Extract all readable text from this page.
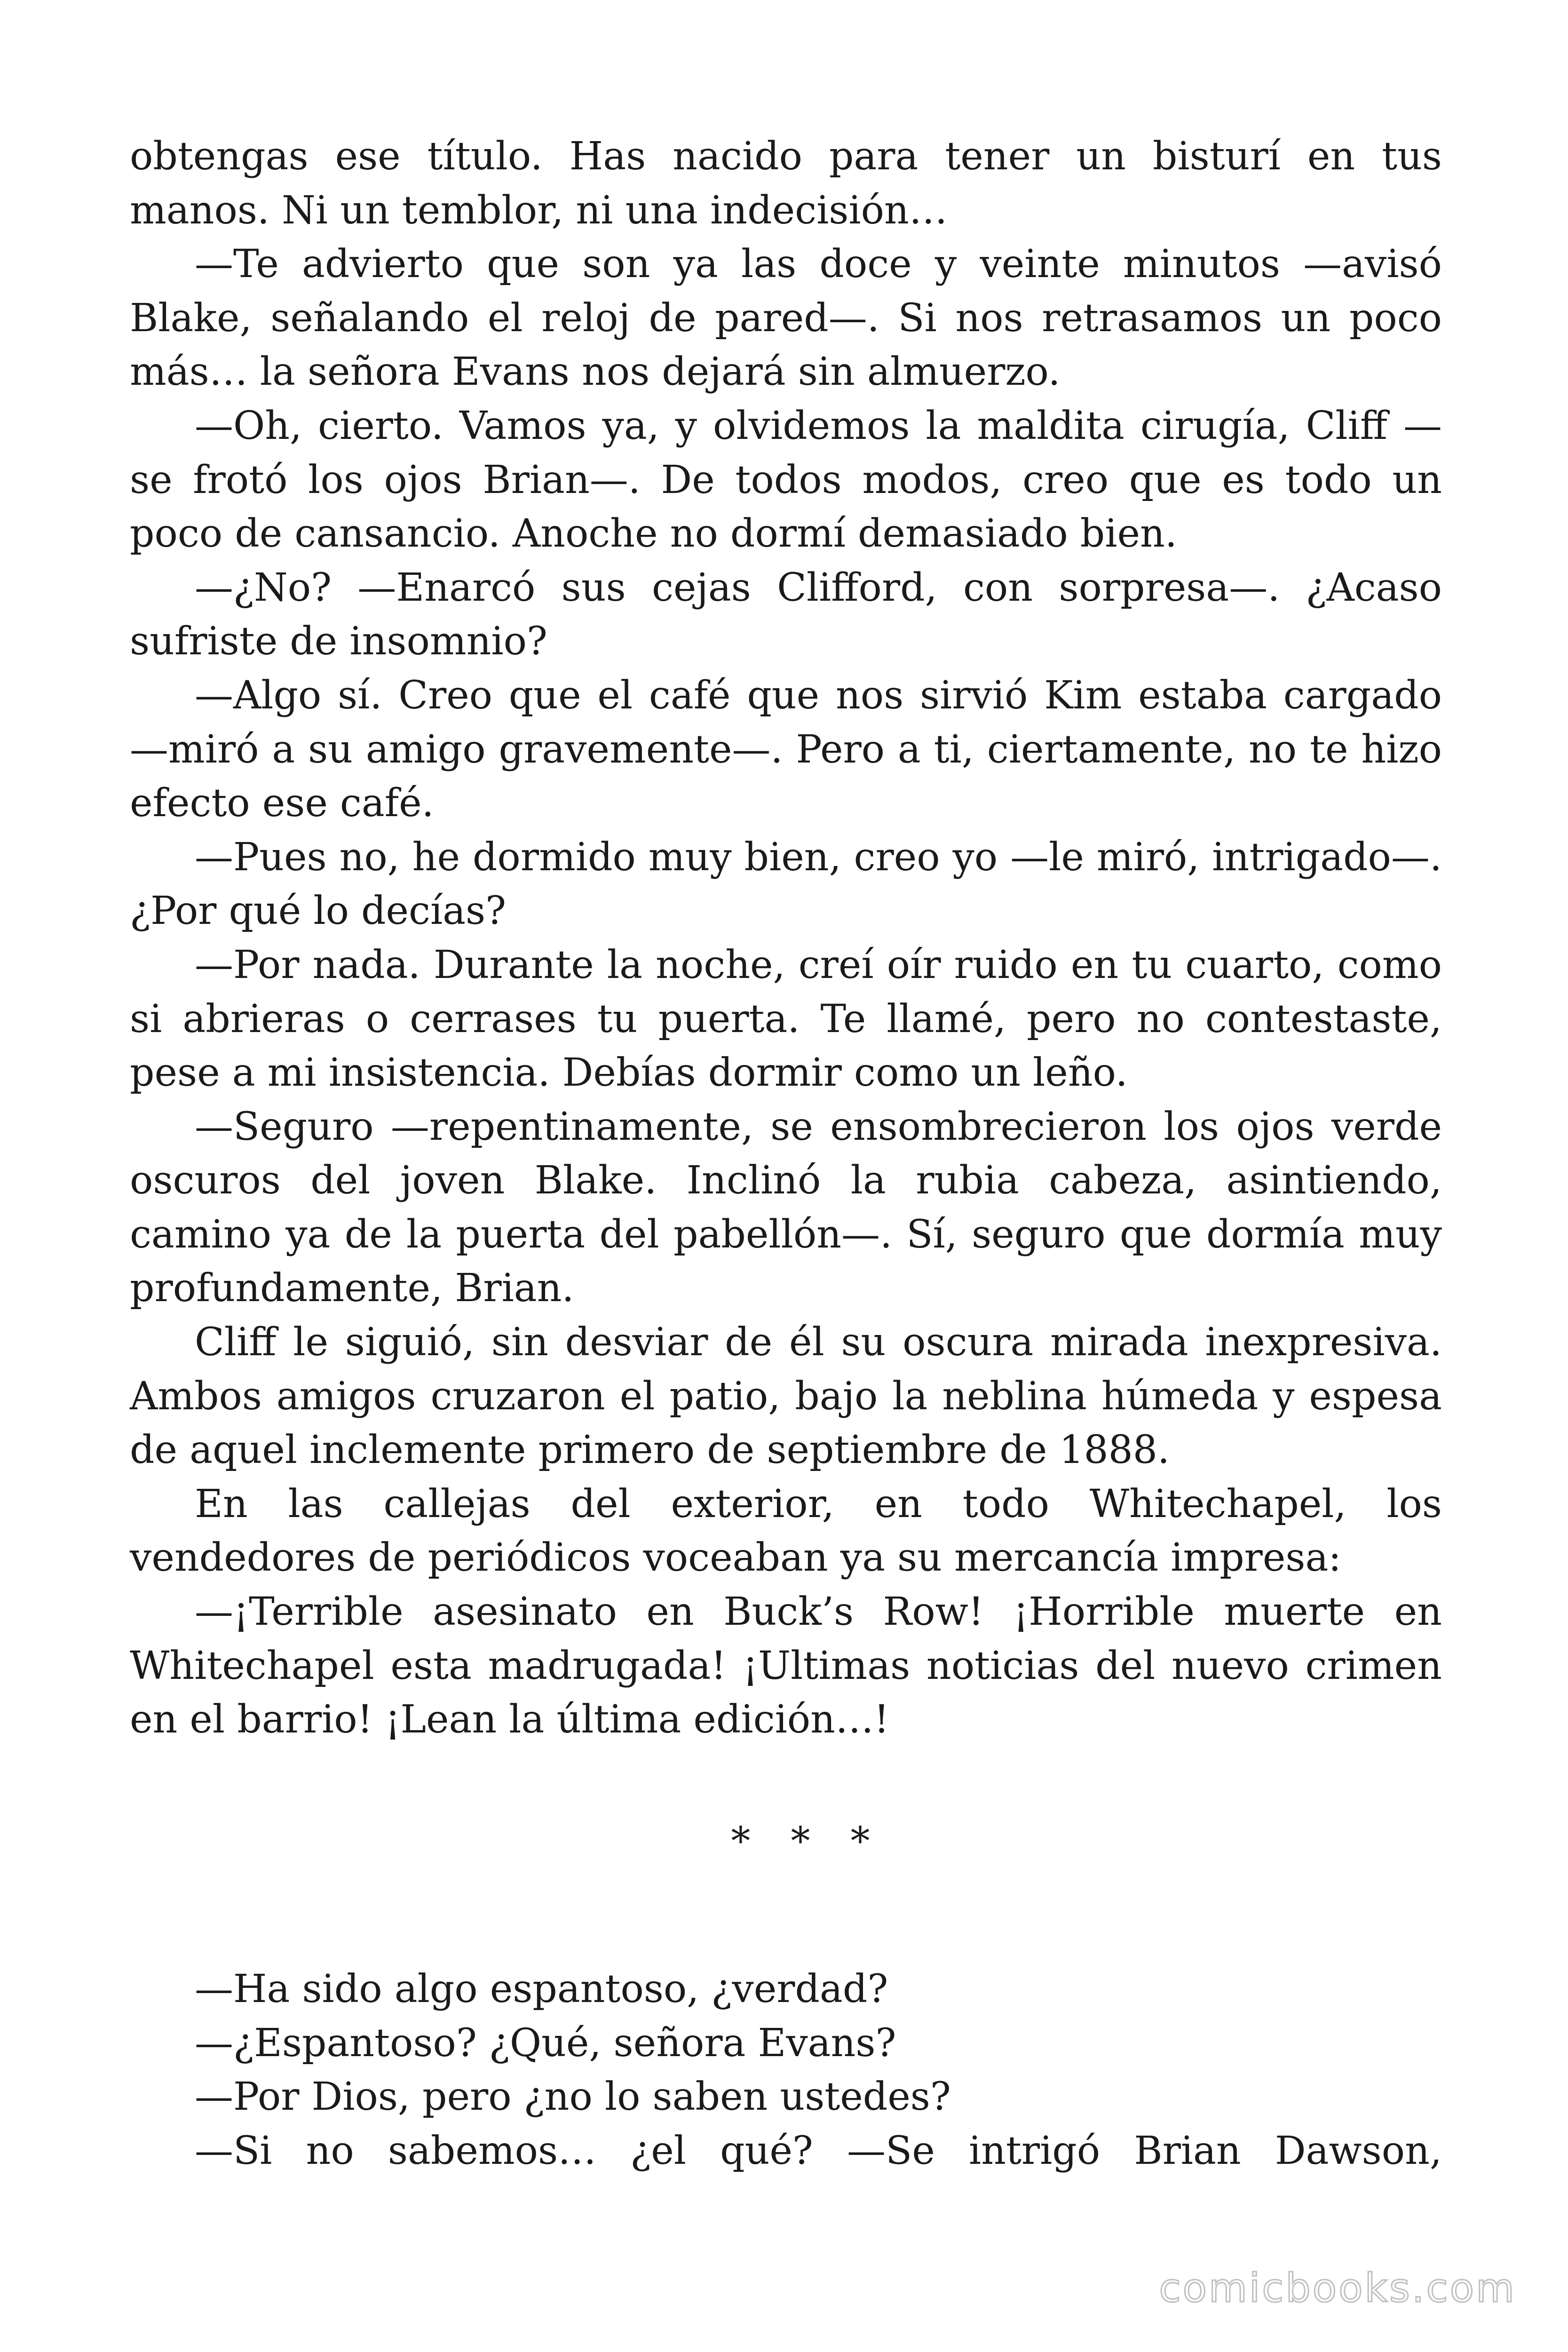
obtengas ese título. Has nacido para tener un bisturí en tus manos. Ni un temblor, ni una indecisión…

—Te advierto que son ya las doce y veinte minutos —avisó Blake, señalando el reloj de pared—. Si nos retrasamos un poco más… la señora Evans nos dejará sin almuerzo.

—Oh, cierto. Vamos ya, y olvidemos la maldita cirugía, Cliff —se frotó los ojos Brian—. De todos modos, creo que es todo un poco de cansancio. Anoche no dormí demasiado bien.

—¿No? —Enarcó sus cejas Clifford, con sorpresa—. ¿Acaso sufriste de insomnio?

—Algo sí. Creo que el café que nos sirvió Kim estaba cargado —miró a su amigo gravemente—. Pero a ti, ciertamente, no te hizo efecto ese café.

—Pues no, he dormido muy bien, creo yo —le miró, intrigado—. ¿Por qué lo decías?

—Por nada. Durante la noche, creí oír ruido en tu cuarto, como si abrieras o cerrases tu puerta. Te llamé, pero no contestaste, pese a mi insistencia. Debías dormir como un leño.

—Seguro —repentinamente, se ensombrecieron los ojos verde oscuros del joven Blake. Inclinó la rubia cabeza, asintiendo, camino ya de la puerta del pabellón—. Sí, seguro que dormía muy profundamente, Brian.

Cliff le siguió, sin desviar de él su oscura mirada inexpresiva. Ambos amigos cruzaron el patio, bajo la neblina húmeda y espesa de aquel inclemente primero de septiembre de 1888.

En las callejas del exterior, en todo Whitechapel, los vendedores de periódicos voceaban ya su mercancía impresa:

—¡Terrible asesinato en Buck’s Row! ¡Horrible muerte en Whitechapel esta madrugada! ¡Ultimas noticias del nuevo crimen en el barrio! ¡Lean la última edición…!

* * *

—Ha sido algo espantoso, ¿verdad?

—¿Espantoso? ¿Qué, señora Evans?

—Por Dios, pero ¿no lo saben ustedes?

—Si no sabemos… ¿el qué? —Se intrigó Brian Dawson,

comicbooks.com
